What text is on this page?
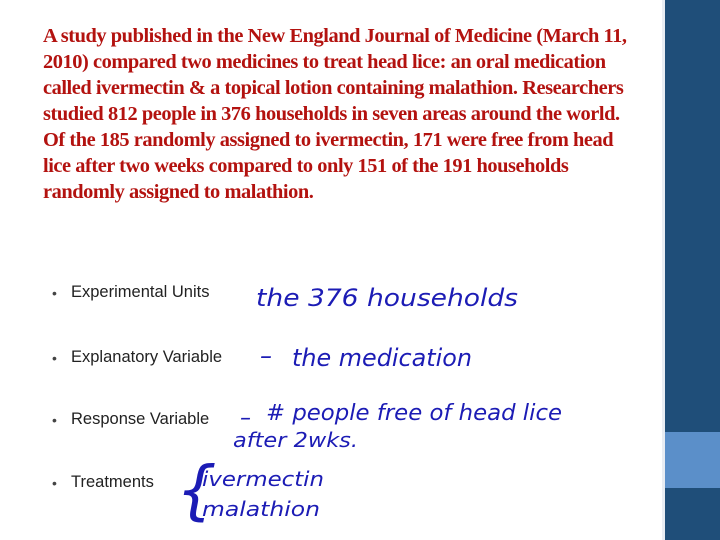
A study published in the New England Journal of Medicine (March 11, 2010) compared two medicines to treat head lice: an oral medication called ivermectin & a topical lotion containing malathion. Researchers studied 812 people in 376 households in seven areas around the world. Of the 185 randomly assigned to ivermectin, 171 were free from head lice after two weeks compared to only 151 of the 191 households randomly assigned to malathion.

• Experimental Units
• Explanatory Variable
• Response Variable
• Treatments
the 376 households
– the medication
– # people free of head lice
after 2wks.
{
ivermectin
malathion
